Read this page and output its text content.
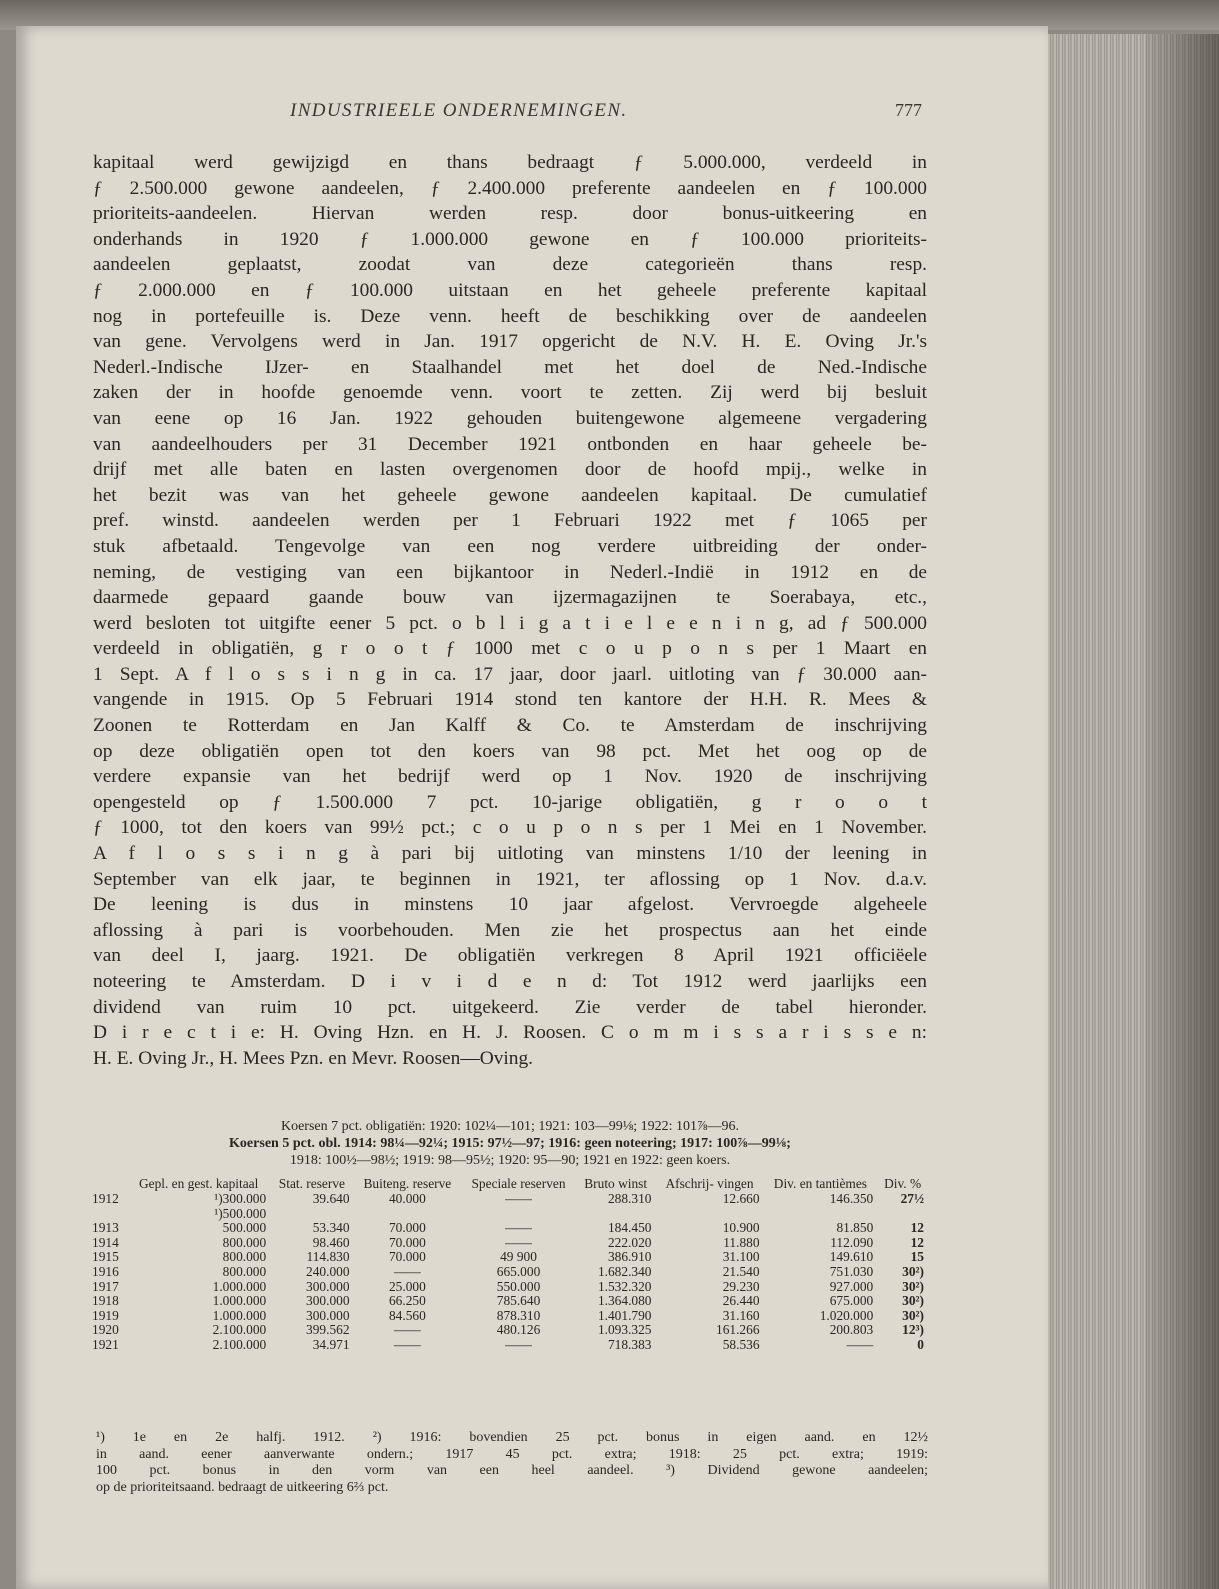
INDUSTRIEELE ONDERNEMINGEN.	777
kapitaal werd gewijzigd en thans bedraagt ƒ 5.000.000, verdeeld in
ƒ 2.500.000 gewone aandeelen, ƒ 2.400.000 preferente aandeelen en ƒ 100.000
prioriteits-aandeelen. Hiervan werden resp. door bonus-uitkeering en
onderhands in 1920 ƒ 1.000.000 gewone en ƒ 100.000 prioriteits-
aandeelen geplaatst, zoodat van deze categorieën thans resp.
ƒ 2.000.000 en ƒ 100.000 uitstaan en het geheele preferente kapitaal
nog in portefeuille is. Deze venn. heeft de beschikking over de aandeelen
van gene. Vervolgens werd in Jan. 1917 opgericht de N.V. H. E. Oving Jr.'s
Nederl.-Indische IJzer- en Staalhandel met het doel de Ned.-Indische
zaken der in hoofde genoemde venn. voort te zetten. Zij werd bij besluit
van eene op 16 Jan. 1922 gehouden buitengewone algemeene vergadering
van aandeelhouders per 31 December 1921 ontbonden en haar geheele be-
drijf met alle baten en lasten overgenomen door de hoofd mpij., welke in
het bezit was van het geheele gewone aandeelen kapitaal. De cumulatief
pref. winstd. aandeelen werden per 1 Februari 1922 met ƒ 1065 per
stuk afbetaald. Tengevolge van een nog verdere uitbreiding der onder-
neming, de vestiging van een bijkantoor in Nederl.-Indië in 1912 en de
daarmede gepaard gaande bouw van ijzermagazijnen te Soerabaya, etc.,
werd besloten tot uitgifte eener 5 pct. o b l i g a t i e l e e n i n g, ad ƒ 500.000
verdeeld in obligatiën, g r o o t ƒ 1000 met c o u p o n s per 1 Maart en
1 Sept. A f l o s s i n g in ca. 17 jaar, door jaarl. uitloting van ƒ 30.000 aan-
vangende in 1915. Op 5 Februari 1914 stond ten kantore der H.H. R. Mees &
Zoonen te Rotterdam en Jan Kalff & Co. te Amsterdam de inschrijving
op deze obligatiën open tot den koers van 98 pct. Met het oog op de
verdere expansie van het bedrijf werd op 1 Nov. 1920 de inschrijving
opengesteld op ƒ 1.500.000 7 pct. 10-jarige obligatiën, g r o o t
ƒ 1000, tot den koers van 99½ pct.; c o u p o n s per 1 Mei en 1 November.
A f l o s s i n g à pari bij uitloting van minstens 1/10 der leening in
September van elk jaar, te beginnen in 1921, ter aflossing op 1 Nov. d.a.v.
De leening is dus in minstens 10 jaar afgelost. Vervroegde algeheele
aflossing à pari is voorbehouden. Men zie het prospectus aan het einde
van deel I, jaarg. 1921. De obligatiën verkregen 8 April 1921 officiëele
noteering te Amsterdam. D i v i d e n d: Tot 1912 werd jaarlijks een
dividend van ruim 10 pct. uitgekeerd. Zie verder de tabel hieronder.
D i r e c t i e: H. Oving Hzn. en H. J. Roosen. C o m m i s s a r i s s e n:
H. E. Oving Jr., H. Mees Pzn. en Mevr. Roosen—Oving.
Koersen 7 pct. obligatiën: 1920: 102¼—101; 1921: 103—99⅛; 1922: 101⅞—96.
Koersen 5 pct. obl. 1914: 98¼—92¼; 1915: 97½—97; 1916: geen noteering; 1917: 100⅞—99⅛;
1918: 100½—98½; 1919: 98—95½; 1920: 95—90; 1921 en 1922: geen koers.
	Gepl. en gest. kapitaal	Stat. reserve	Buiteng. reserve	Speciale reserven	Bruto winst	Afschrij- vingen	Div. en tantièmes	Div. %
1912	¹)300.000	39.640	40.000	——	288.310	12.660	146.350	27½
	¹)500.000							
1913	500.000	53.340	70.000	——	184.450	10.900	81.850	12
1914	800.000	98.460	70.000	——	222.020	11.880	112.090	12
1915	800.000	114.830	70.000	49 900	386.910	31.100	149.610	15
1916	800.000	240.000	——	665.000	1.682.340	21.540	751.030	30²)
1917	1.000.000	300.000	25.000	550.000	1.532.320	29.230	927.000	30²)
1918	1.000.000	300.000	66.250	785.640	1.364.080	26.440	675.000	30²)
1919	1.000.000	300.000	84.560	878.310	1.401.790	31.160	1.020.000	30²)
1920	2.100.000	399.562	——	480.126	1.093.325	161.266	200.803	12³)
1921	2.100.000	34.971	——	——	718.383	58.536	——	0
¹) 1e en 2e halfj. 1912. ²) 1916: bovendien 25 pct. bonus in eigen aand. en 12½
in aand. eener aanverwante ondern.; 1917 45 pct. extra; 1918: 25 pct. extra; 1919:
100 pct. bonus in den vorm van een heel aandeel. ³) Dividend gewone aandeelen;
op de prioriteitsaand. bedraagt de uitkeering 6⅔ pct.
